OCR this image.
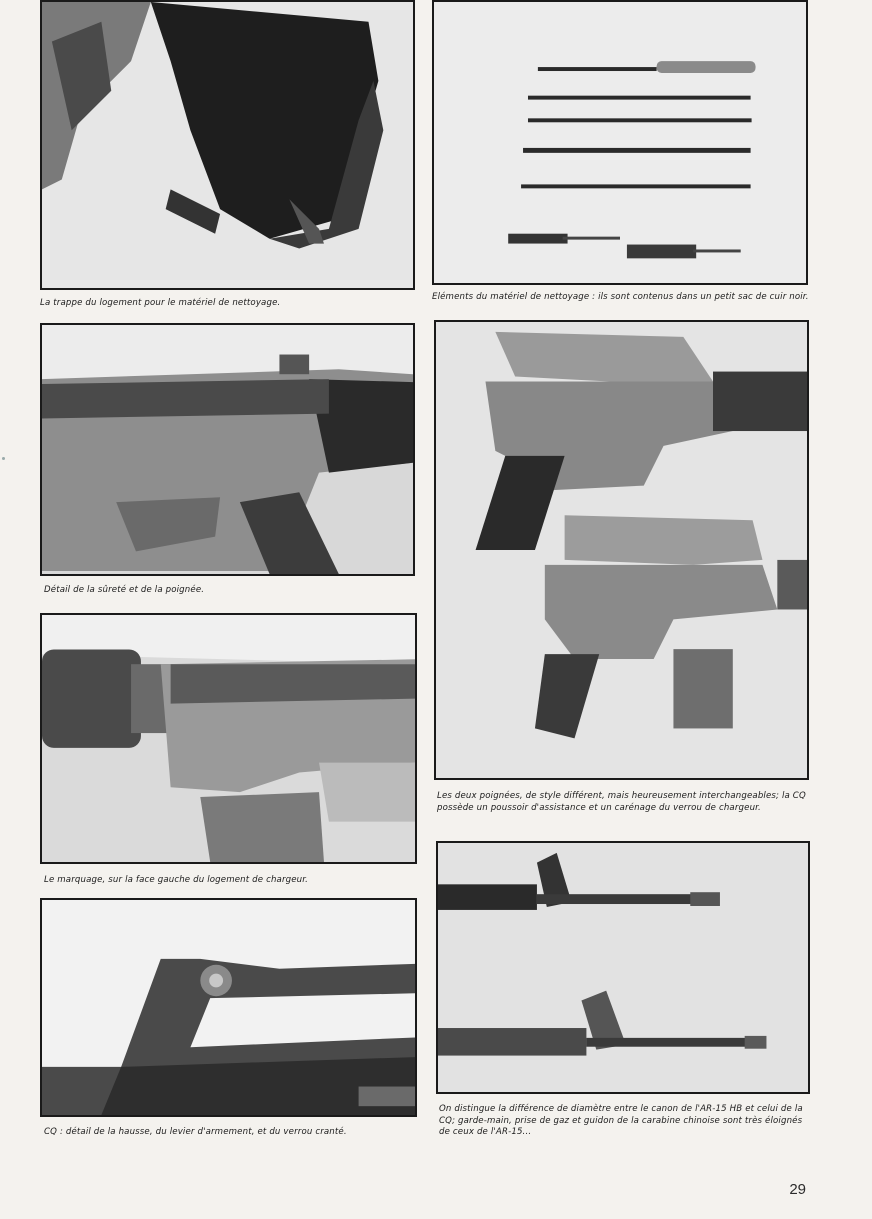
La trappe du logement pour le matériel de nettoyage.
Eléments du matériel de nettoyage : ils sont contenus dans un petit sac de cuir noir.
Détail de la sûreté et de la poignée.
Les deux poignées, de style différent, mais heureusement interchangeables; la CQ possède un poussoir d'assistance et un carénage du verrou de chargeur.
Le marquage, sur la face gauche du logement de chargeur.
On distingue la différence de diamètre entre le canon de l'AR-15 HB et celui de la CQ; garde-main, prise de gaz et guidon de la carabine chinoise sont très éloignés de ceux de l'AR-15...
CQ : détail de la hausse, du levier d'armement, et du verrou cranté.
29
